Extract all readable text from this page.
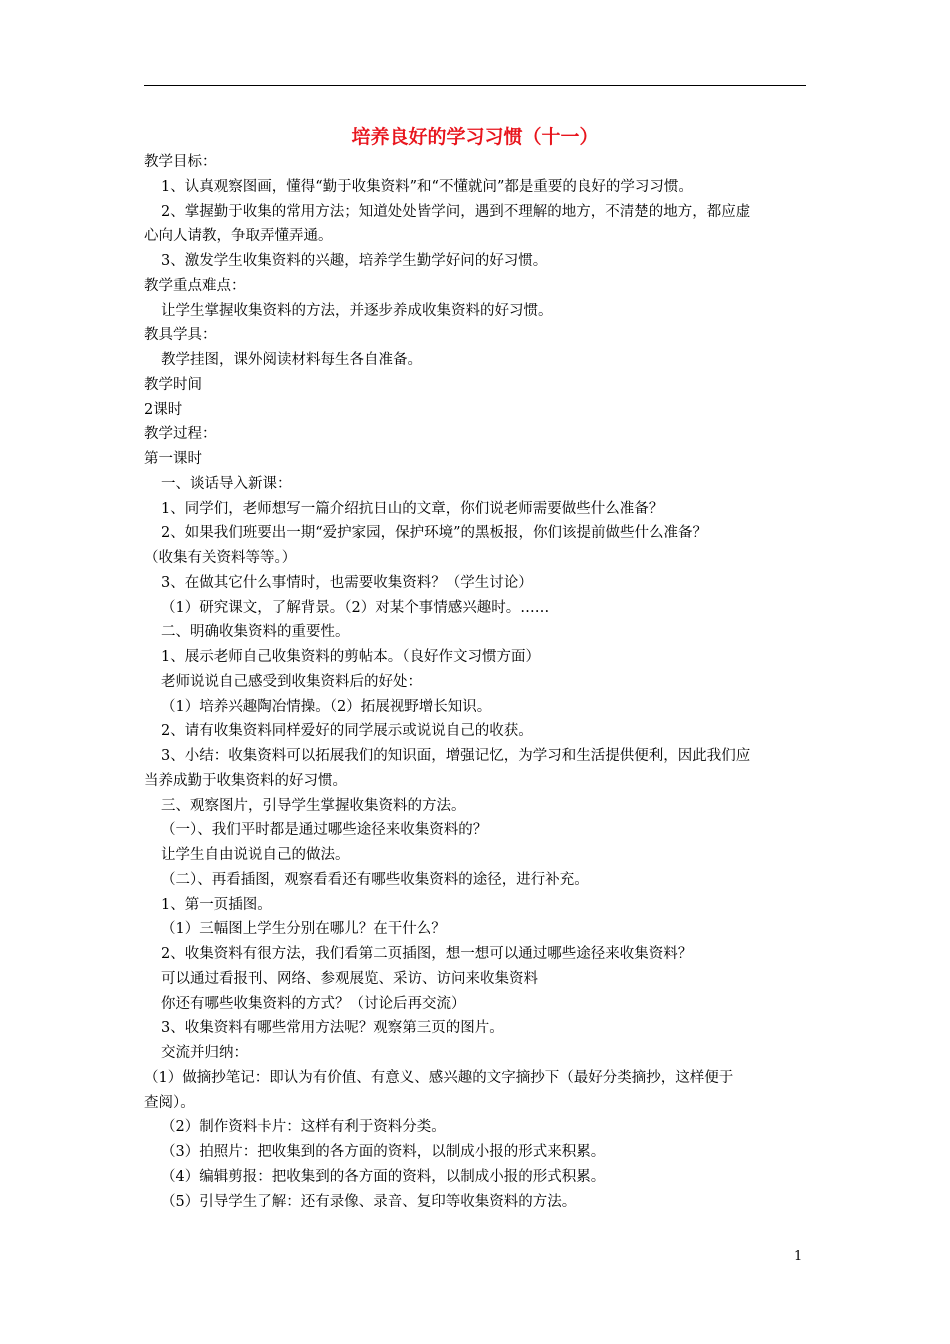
培养良好的学习习惯（十一）
教学目标：
1、认真观察图画，懂得“勤于收集资料”和“不懂就问”都是重要的良好的学习习惯。
2、掌握勤于收集的常用方法；知道处处皆学问，遇到不理解的地方，不清楚的地方，都应虚
心向人请教，争取弄懂弄通。
3、激发学生收集资料的兴趣，培养学生勤学好问的好习惯。
教学重点难点：
让学生掌握收集资料的方法，并逐步养成收集资料的好习惯。
教具学具：
教学挂图，课外阅读材料每生各自准备。
教学时间
2课时
教学过程：
第一课时
一、谈话导入新课：
1、同学们，老师想写一篇介绍抗日山的文章，你们说老师需要做些什么准备？
2、如果我们班要出一期“爱护家园，保护环境”的黑板报，你们该提前做些什么准备？
（收集有关资料等等。）
3、在做其它什么事情时，也需要收集资料？（学生讨论）
（1）研究课文，了解背景。（2）对某个事情感兴趣时。……
二、明确收集资料的重要性。
1、展示老师自己收集资料的剪帖本。（良好作文习惯方面）
老师说说自己感受到收集资料后的好处：
（1）培养兴趣陶冶情操。（2）拓展视野增长知识。
2、请有收集资料同样爱好的同学展示或说说自己的收获。
3、小结：收集资料可以拓展我们的知识面，增强记忆，为学习和生活提供便利，因此我们应
当养成勤于收集资料的好习惯。
三、观察图片，引导学生掌握收集资料的方法。
（一）、我们平时都是通过哪些途径来收集资料的？
让学生自由说说自己的做法。
（二）、再看插图，观察看看还有哪些收集资料的途径，进行补充。
1、第一页插图。
（1）三幅图上学生分别在哪儿？在干什么？
2、收集资料有很方法，我们看第二页插图，想一想可以通过哪些途径来收集资料？
可以通过看报刊、网络、参观展览、采访、访问来收集资料
你还有哪些收集资料的方式？（讨论后再交流）
3、收集资料有哪些常用方法呢？观察第三页的图片。
交流并归纳：
（1）做摘抄笔记：即认为有价值、有意义、感兴趣的文字摘抄下（最好分类摘抄，这样便于
查阅）。
（2）制作资料卡片：这样有利于资料分类。
（3）拍照片：把收集到的各方面的资料，以制成小报的形式来积累。
（4）编辑剪报：把收集到的各方面的资料，以制成小报的形式积累。
（5）引导学生了解：还有录像、录音、复印等收集资料的方法。
1
